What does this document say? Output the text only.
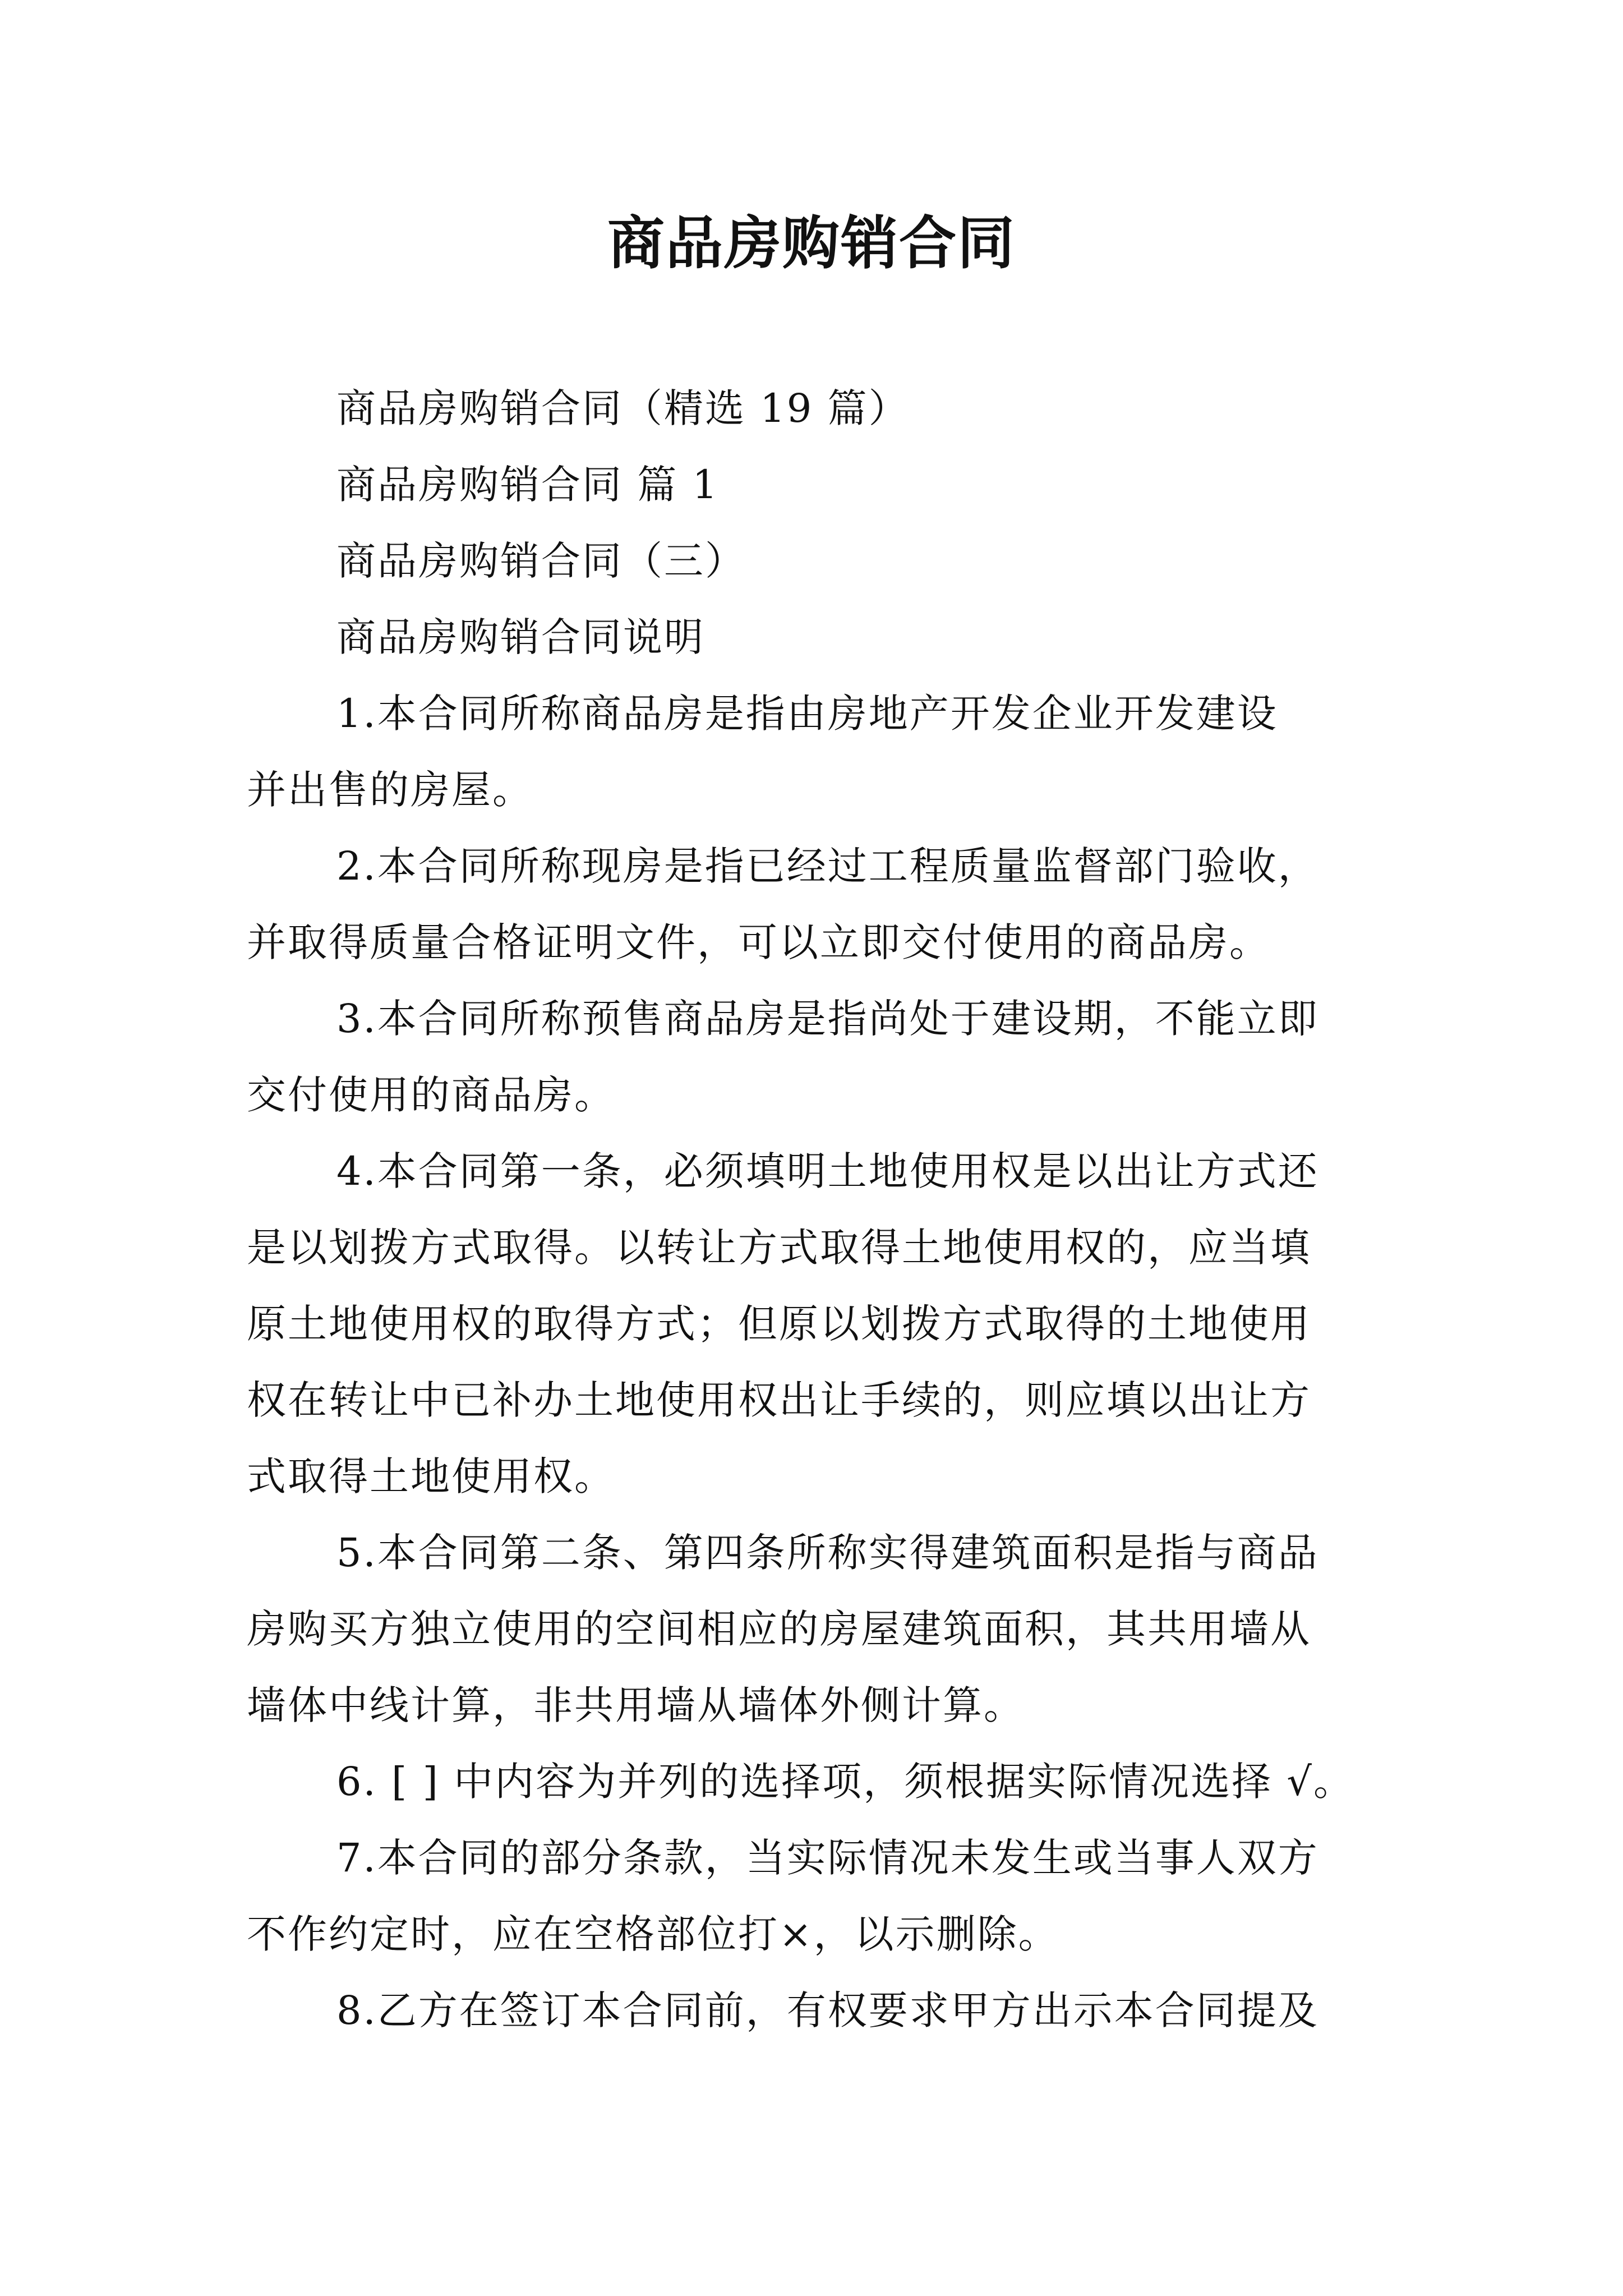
商品房购销合同
商品房购销合同（精选 19 篇）
商品房购销合同 篇 1
商品房购销合同（三）
商品房购销合同说明
1.本合同所称商品房是指由房地产开发企业开发建设
并出售的房屋。
2.本合同所称现房是指已经过工程质量监督部门验收，
并取得质量合格证明文件，可以立即交付使用的商品房。
3.本合同所称预售商品房是指尚处于建设期，不能立即
交付使用的商品房。
4.本合同第一条，必须填明土地使用权是以出让方式还
是以划拨方式取得。以转让方式取得土地使用权的，应当填
原土地使用权的取得方式；但原以划拨方式取得的土地使用
权在转让中已补办土地使用权出让手续的，则应填以出让方
式取得土地使用权。
5.本合同第二条、第四条所称实得建筑面积是指与商品
房购买方独立使用的空间相应的房屋建筑面积，其共用墙从
墙体中线计算，非共用墙从墙体外侧计算。
6. [ ] 中内容为并列的选择项，须根据实际情况选择 √。
7.本合同的部分条款，当实际情况未发生或当事人双方
不作约定时，应在空格部位打×，以示删除。
8.乙方在签订本合同前，有权要求甲方出示本合同提及
